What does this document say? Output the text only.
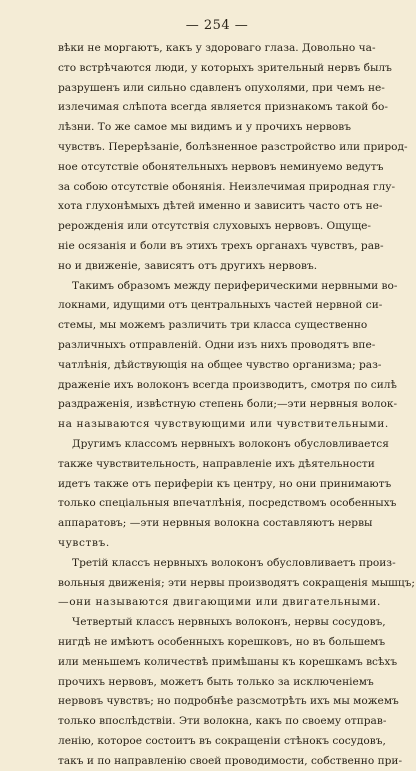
— 254 —
вѣки не моргаютъ, какъ у здороваго глаза. Довольно ча-
сто встрѣчаются люди, у которыхъ зрительный нервъ былъ
разрушенъ или сильно сдавленъ опухолями, при чемъ не-
излечимая слѣпота всегда является признакомъ такой бо-
лѣзни. То же самое мы видимъ и у прочихъ нервовъ
чувствъ. Перерѣзаніе, болѣзненное разстройство или природ-
ное отсутствіе обонятельныхъ нервовъ неминуемо ведутъ
за собою отсутствіе обонянія. Неизлечимая природная глу-
хота глухонѣмыхъ дѣтей именно и зависитъ часто отъ не-
рерожденія или отсутствія слуховыхъ нервовъ. Ощуще-
ніе осязанія и боли въ этихъ трехъ органахъ чувствъ, рав-
но и движеніе, зависятъ отъ другихъ нервовъ.
Такимъ образомъ между периферическими нервными во-
локнами, идущими отъ центральныхъ частей нервной си-
стемы, мы можемъ различить три класса существенно
различныхъ отправленій. Одни изъ нихъ проводятъ впе-
чатлѣнія, дѣйствующія на общее чувство организма; раз-
драженіе ихъ волоконъ всегда производитъ, смотря по силѣ
раздраженія, извѣстную степень боли;—эти нервныя волок-
на называются чувствующими или чувствительными.
Другимъ классомъ нервныхъ волоконъ обусловливается
также чувствительность, направленіе ихъ дѣятельности
идетъ также отъ периферіи къ центру, но они принимаютъ
только спеціальныя впечатлѣнія, посредствомъ особенныхъ
аппаратовъ; —эти нервныя волокна составляютъ нервы
чувствъ.
Третій классъ нервныхъ волоконъ обусловливаетъ произ-
вольныя движенія; эти нервы производятъ сокращенія мышцъ;
—они называются двигающими или двигательными.
Четвертый классъ нервныхъ волоконъ, нервы сосудовъ,
нигдѣ не имѣютъ особенныхъ корешковъ, но въ большемъ
или меньшемъ количествѣ примѣшаны къ корешкамъ всѣхъ
прочихъ нервовъ, можетъ быть только за исключеніемъ
нервовъ чувствъ; но подробнѣе разсмотрѣть ихъ мы можемъ
только впослѣдствіи. Эти волокна, какъ по своему отправ-
ленію, которое состоитъ въ сокращеніи стѣнокъ сосудовъ,
такъ и по направленію своей проводимости, собственно при-
